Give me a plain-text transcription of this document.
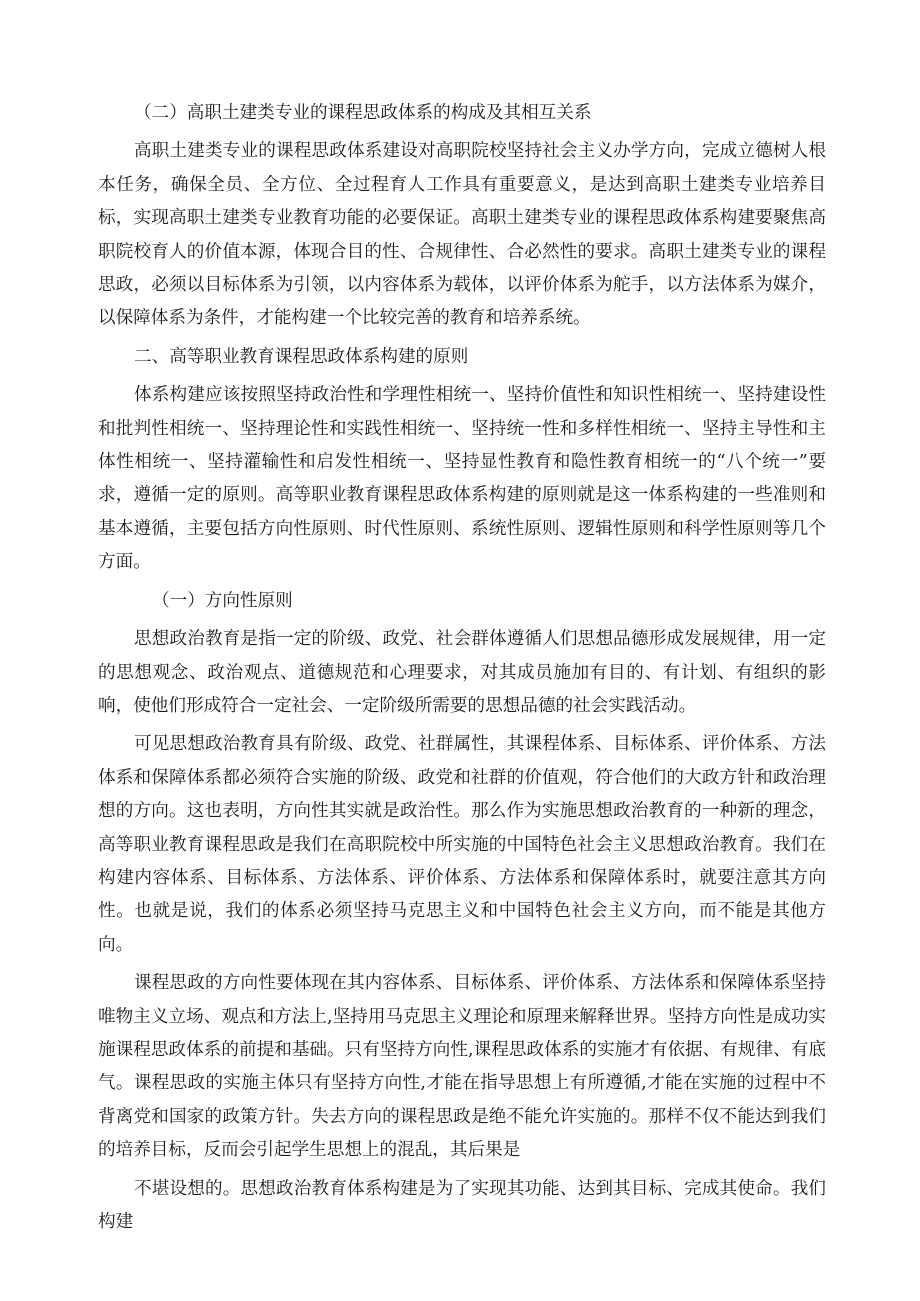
（二）高职土建类专业的课程思政体系的构成及其相互关系

高职土建类专业的课程思政体系建设对高职院校坚持社会主义办学方向，完成立德树人根本任务，确保全员、全方位、全过程育人工作具有重要意义，是达到高职土建类专业培养目标，实现高职土建类专业教育功能的必要保证。高职土建类专业的课程思政体系构建要聚焦高职院校育人的价值本源，体现合目的性、合规律性、合必然性的要求。高职土建类专业的课程思政，必须以目标体系为引领，以内容体系为载体，以评价体系为舵手，以方法体系为媒介，以保障体系为条件，才能构建一个比较完善的教育和培养系统。

二、高等职业教育课程思政体系构建的原则

体系构建应该按照坚持政治性和学理性相统一、坚持价值性和知识性相统一、坚持建设性和批判性相统一、坚持理论性和实践性相统一、坚持统一性和多样性相统一、坚持主导性和主体性相统一、坚持灌输性和启发性相统一、坚持显性教育和隐性教育相统一的“八个统一”要求，遵循一定的原则。高等职业教育课程思政体系构建的原则就是这一体系构建的一些准则和基本遵循，主要包括方向性原则、时代性原则、系统性原则、逻辑性原则和科学性原则等几个方面。

（一）方向性原则

思想政治教育是指一定的阶级、政党、社会群体遵循人们思想品德形成发展规律，用一定的思想观念、政治观点、道德规范和心理要求，对其成员施加有目的、有计划、有组织的影响，使他们形成符合一定社会、一定阶级所需要的思想品德的社会实践活动。

可见思想政治教育具有阶级、政党、社群属性，其课程体系、目标体系、评价体系、方法体系和保障体系都必须符合实施的阶级、政党和社群的价值观，符合他们的大政方针和政治理想的方向。这也表明，方向性其实就是政治性。那么作为实施思想政治教育的一种新的理念，高等职业教育课程思政是我们在高职院校中所实施的中国特色社会主义思想政治教育。我们在构建内容体系、目标体系、方法体系、评价体系、方法体系和保障体系时，就要注意其方向性。也就是说，我们的体系必须坚持马克思主义和中国特色社会主义方向，而不能是其他方向。

课程思政的方向性要体现在其内容体系、目标体系、评价体系、方法体系和保障体系坚持唯物主义立场、观点和方法上,坚持用马克思主义理论和原理来解释世界。坚持方向性是成功实施课程思政体系的前提和基础。只有坚持方向性,课程思政体系的实施才有依据、有规律、有底气。课程思政的实施主体只有坚持方向性,才能在指导思想上有所遵循,才能在实施的过程中不背离党和国家的政策方针。失去方向的课程思政是绝不能允许实施的。那样不仅不能达到我们的培养目标，反而会引起学生思想上的混乱，其后果是

不堪设想的。思想政治教育体系构建是为了实现其功能、达到其目标、完成其使命。我们构建
